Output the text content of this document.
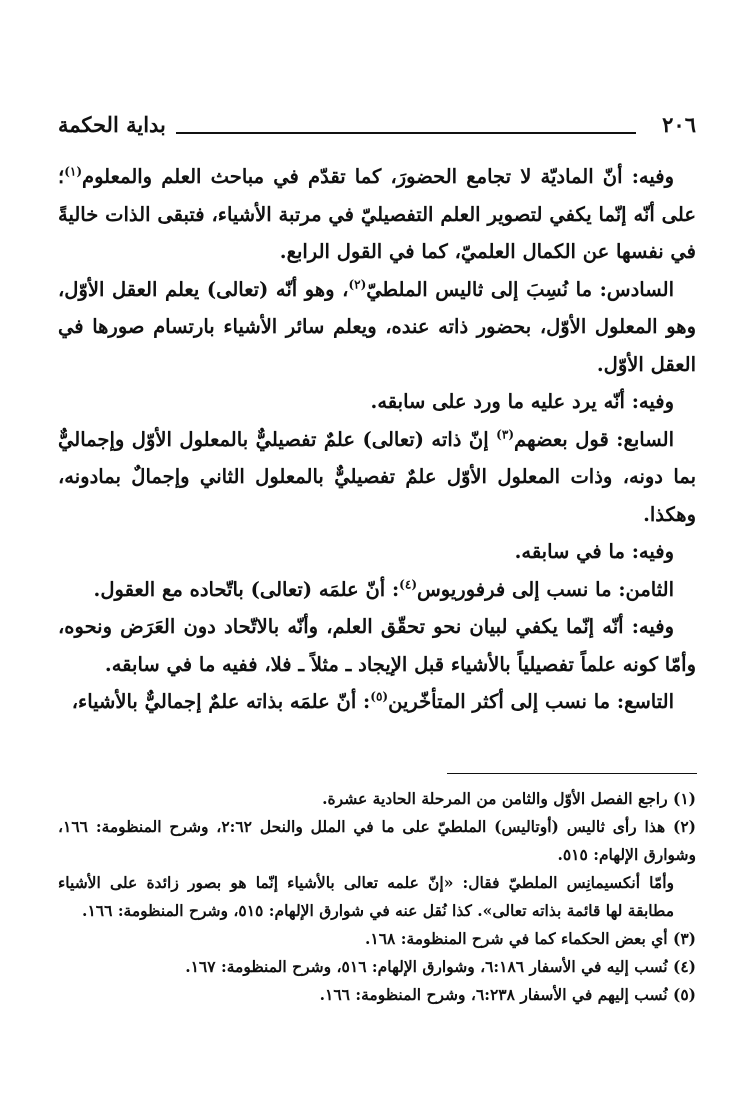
٢٠٦
بداية الحكمة

وفيه: أنّ الماديّة لا تجامع الحضورَ، كما تقدّم في مباحث العلم والمعلوم$^{(١)}$؛ على أنّه إنّما يكفي لتصوير العلم التفصيليّ في مرتبة الأشياء، فتبقى الذات خاليةً في نفسها عن الكمال العلميّ، كما في القول الرابع.

السادس: ما نُسِبَ إلى ثاليس الملطيّ$^{(٢)}$، وهو أنّه (تعالى) يعلم العقل الأوّل، وهو المعلول الأوّل، بحضور ذاته عنده، ويعلم سائر الأشياء بارتسام صورها في العقل الأوّل.

وفيه: أنّه يرد عليه ما ورد على سابقه.

السابع: قول بعضهم$^{(٣)}$ إنّ ذاته (تعالى) علمٌ تفصيليٌّ بالمعلول الأوّل وإجماليٌّ بما دونه، وذات المعلول الأوّل علمٌ تفصيليٌّ بالمعلول الثاني وإجمالٌ بمادونه، وهكذا.

وفيه: ما في سابقه.

الثامن: ما نسب إلى فرفوريوس$^{(٤)}$: أنّ علمَه (تعالى) باتّحاده مع العقول.

وفيه: أنّه إنّما يكفي لبيان نحو تحقّق العلم، وأنّه بالاتّحاد دون العَرَض ونحوه، وأمّا كونه علماً تفصيلياً بالأشياء قبل الإيجاد ـ مثلاً ـ فلا، ففيه ما في سابقه.

التاسع: ما نسب إلى أكثر المتأخّرين$^{(٥)}$: أنّ علمَه بذاته علمٌ إجماليٌّ بالأشياء،

(١) راجع الفصل الأوّل والثامن من المرحلة الحادية عشرة.

(٢) هذا رأى ثاليس (أوتاليس) الملطيّ على ما في الملل والنحل ٢:٦٢، وشرح المنظومة: ١٦٦، وشوارق الإلهام: ٥١٥.

وأمّا أنكسيمانِس الملطيّ فقال: «إنّ علمه تعالى بالأشياء إنّما هو بصور زائدة على الأشياء مطابقة لها قائمة بذاته تعالى». كذا نُقل عنه في شوارق الإلهام: ٥١٥، وشرح المنظومة: ١٦٦.

(٣) أي بعض الحكماء كما في شرح المنظومة: ١٦٨.

(٤) نُسب إليه في الأسفار ٦:١٨٦، وشوارق الإلهام: ٥١٦، وشرح المنظومة: ١٦٧.

(٥) نُسب إليهم في الأسفار ٦:٢٣٨، وشرح المنظومة: ١٦٦.
